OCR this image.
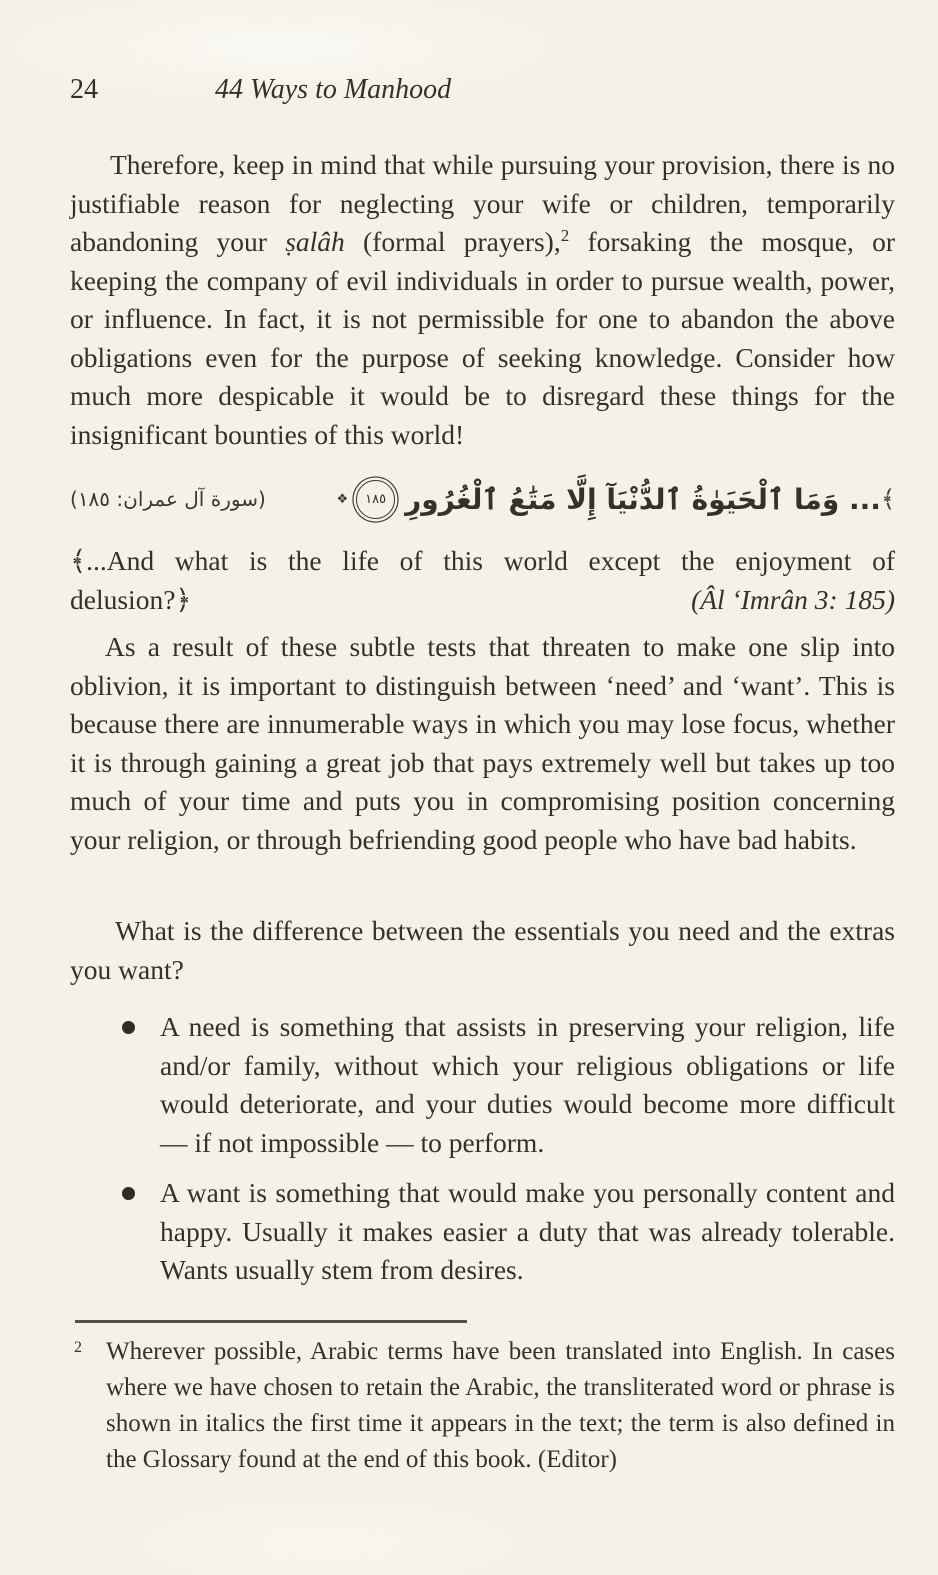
24	44 Ways to Manhood
Therefore, keep in mind that while pursuing your provision, there is no justifiable reason for neglecting your wife or children, temporarily abandoning your ṣalâh (formal prayers),$^2$ forsaking the mosque, or keeping the company of evil individuals in order to pursue wealth, power, or influence. In fact, it is not permissible for one to abandon the above obligations even for the purpose of seeking knowledge. Consider how much more despicable it would be to disregard these things for the insignificant bounties of this world!
(سورة آل عمران: ١٨٥)	❖	١٨٥ ... وَمَا ٱلْحَيَوٰةُ ٱلدُّنْيَآ إِلَّا مَتَٰعُ ٱلْغُرُورِ ﴾
﴾...And what is the life of this world except the enjoyment of
delusion?﴿	(Âl ‘Imrân 3: 185)
As a result of these subtle tests that threaten to make one slip into oblivion, it is important to distinguish between ‘need’ and ‘want’. This is because there are innumerable ways in which you may lose focus, whether it is through gaining a great job that pays extremely well but takes up too much of your time and puts you in compromising position concerning your religion, or through befriending good people who have bad habits.
What is the difference between the essentials you need and the extras you want?
A need is something that assists in preserving your religion, life and/or family, without which your religious obligations or life would deteriorate, and your duties would become more difficult — if not impossible — to perform.
A want is something that would make you personally content and happy. Usually it makes easier a duty that was already tolerable. Wants usually stem from desires.
2 Wherever possible, Arabic terms have been translated into English. In cases where we have chosen to retain the Arabic, the transliterated word or phrase is shown in italics the first time it appears in the text; the term is also defined in the Glossary found at the end of this book. (Editor)
